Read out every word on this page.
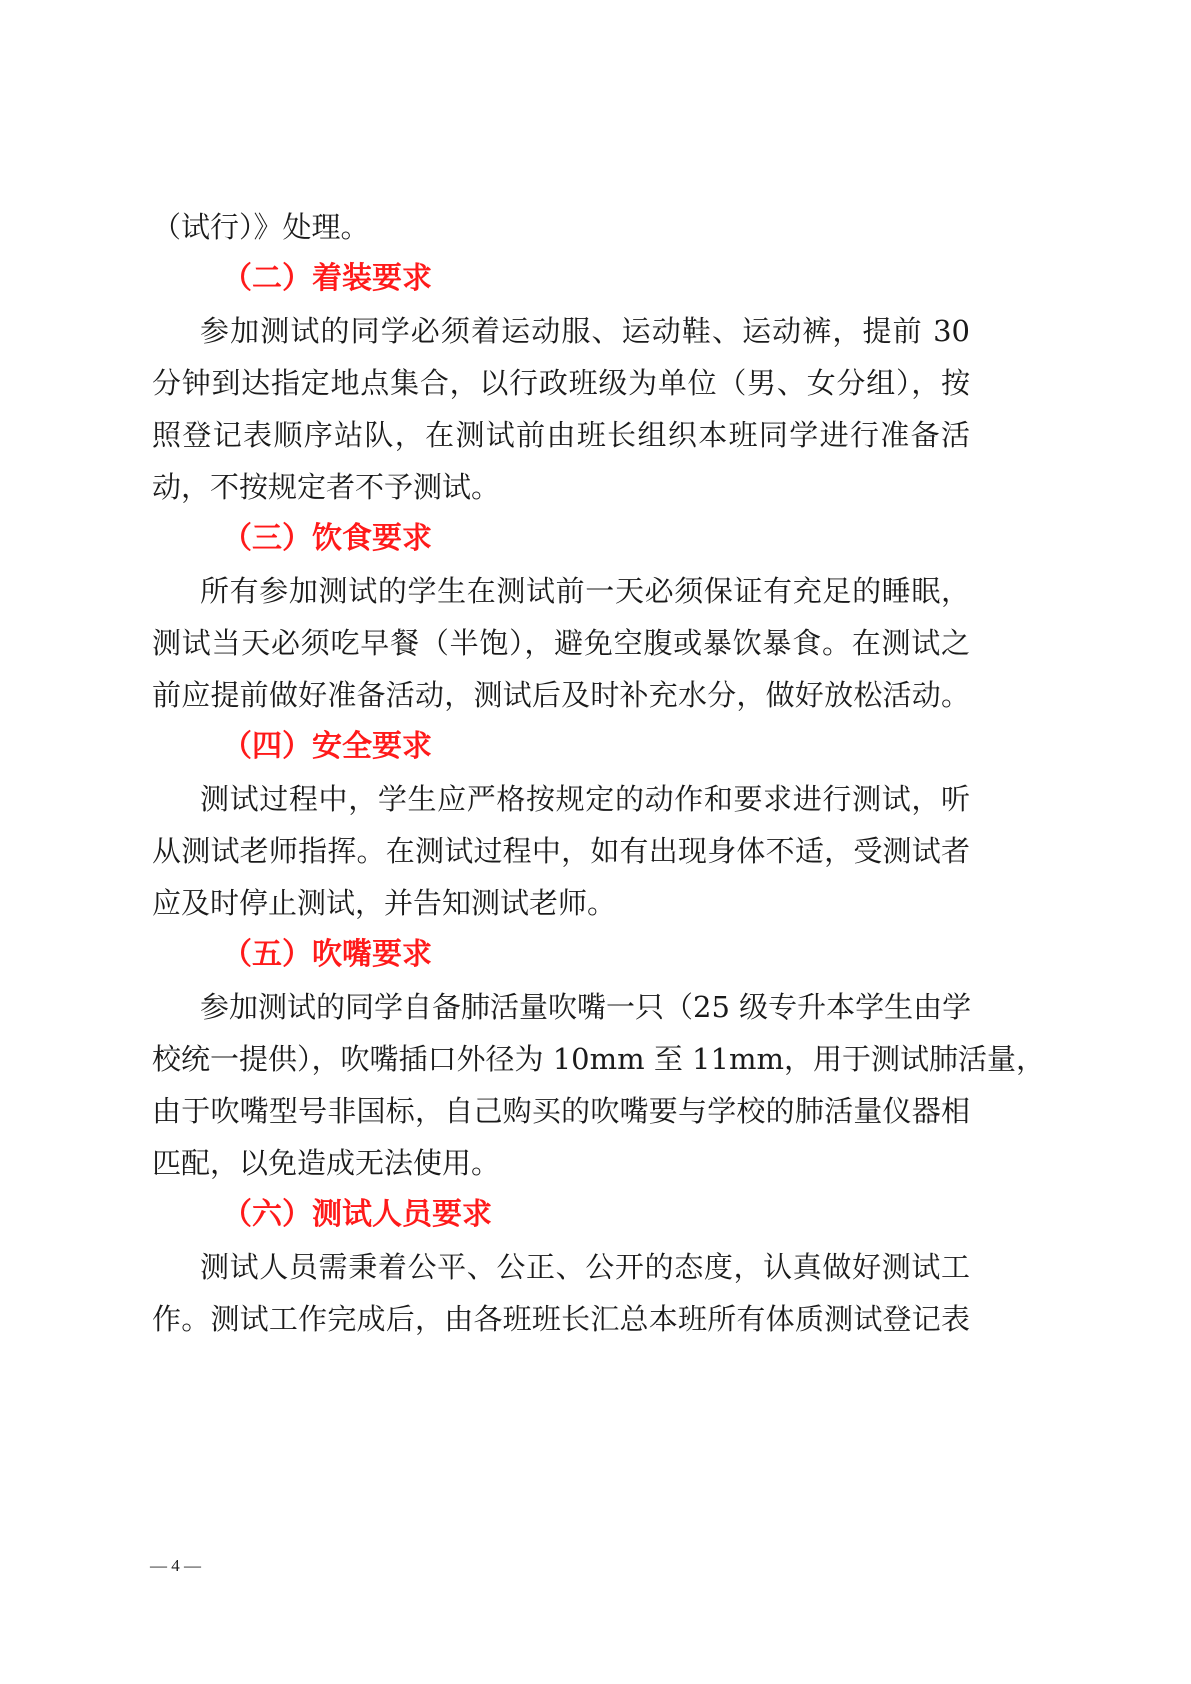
（试行）》处理。
（二）着装要求
参加测试的同学必须着运动服、运动鞋、运动裤，提前 30
分钟到达指定地点集合，以行政班级为单位（男、女分组），按
照登记表顺序站队，在测试前由班长组织本班同学进行准备活
动，不按规定者不予测试。
（三）饮食要求
所有参加测试的学生在测试前一天必须保证有充足的睡眠，
测试当天必须吃早餐（半饱），避免空腹或暴饮暴食。在测试之
前应提前做好准备活动，测试后及时补充水分，做好放松活动。
（四）安全要求
测试过程中，学生应严格按规定的动作和要求进行测试，听
从测试老师指挥。在测试过程中，如有出现身体不适，受测试者
应及时停止测试，并告知测试老师。
（五）吹嘴要求
参加测试的同学自备肺活量吹嘴一只（25 级专升本学生由学
校统一提供），吹嘴插口外径为 10mm 至 11mm，用于测试肺活量，
由于吹嘴型号非国标，自己购买的吹嘴要与学校的肺活量仪器相
匹配，以免造成无法使用。
（六）测试人员要求
测试人员需秉着公平、公正、公开的态度，认真做好测试工
作。测试工作完成后，由各班班长汇总本班所有体质测试登记表
— 4 —
